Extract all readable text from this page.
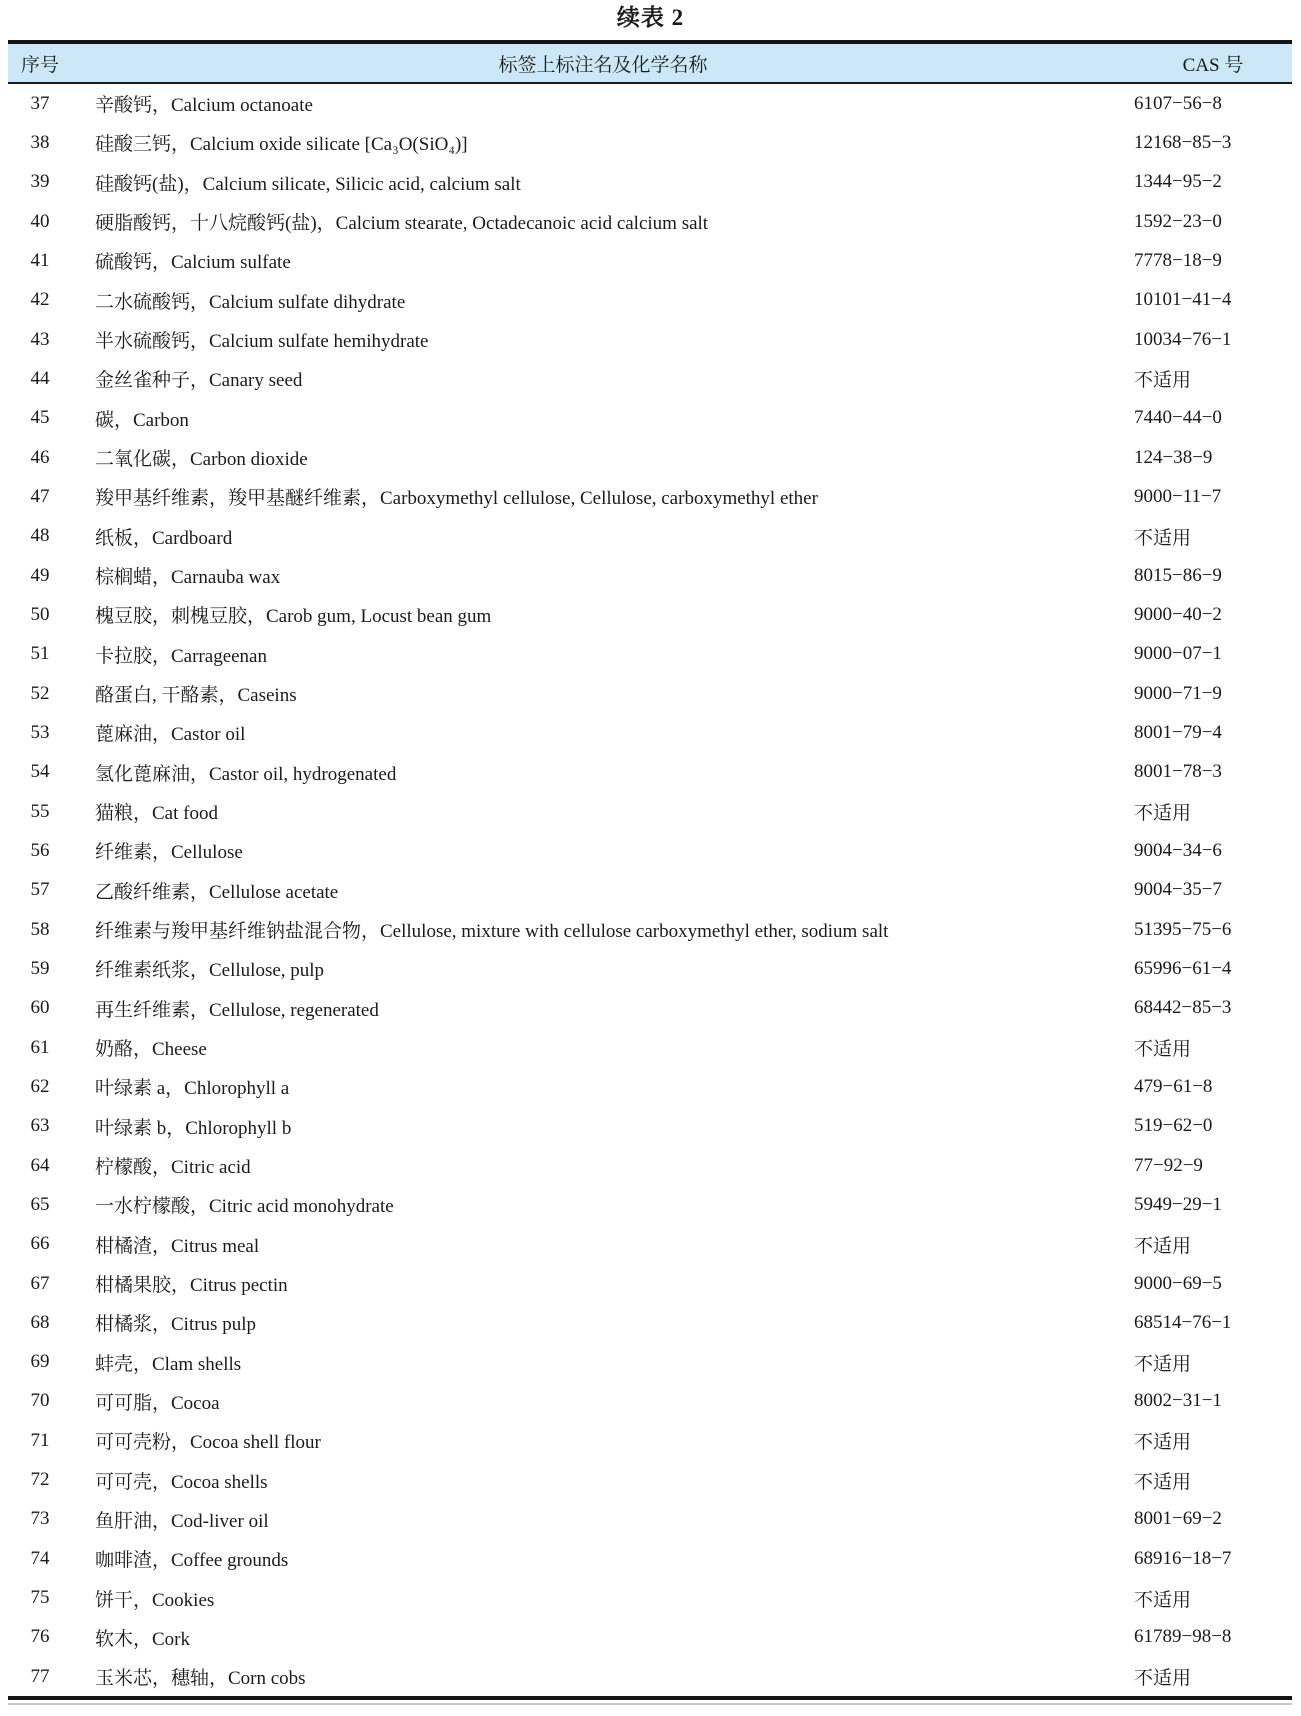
续表 2
序号	标签上标注名及化学名称	CAS 号
37	辛酸钙，Calcium octanoate	6107−56−8
38	硅酸三钙，Calcium oxide silicate [Ca₃O(SiO₄)]	12168−85−3
39	硅酸钙(盐)，Calcium silicate, Silicic acid, calcium salt	1344−95−2
40	硬脂酸钙，十八烷酸钙(盐)，Calcium stearate, Octadecanoic acid calcium salt	1592−23−0
41	硫酸钙，Calcium sulfate	7778−18−9
42	二水硫酸钙，Calcium sulfate dihydrate	10101−41−4
43	半水硫酸钙，Calcium sulfate hemihydrate	10034−76−1
44	金丝雀种子，Canary seed	不适用
45	碳，Carbon	7440−44−0
46	二氧化碳，Carbon dioxide	124−38−9
47	羧甲基纤维素，羧甲基醚纤维素，Carboxymethyl cellulose, Cellulose, carboxymethyl ether	9000−11−7
48	纸板，Cardboard	不适用
49	棕榈蜡，Carnauba wax	8015−86−9
50	槐豆胶，刺槐豆胶，Carob gum, Locust bean gum	9000−40−2
51	卡拉胶，Carrageenan	9000−07−1
52	酪蛋白, 干酪素，Caseins	9000−71−9
53	蓖麻油，Castor oil	8001−79−4
54	氢化蓖麻油，Castor oil, hydrogenated	8001−78−3
55	猫粮，Cat food	不适用
56	纤维素，Cellulose	9004−34−6
57	乙酸纤维素，Cellulose acetate	9004−35−7
58	纤维素与羧甲基纤维钠盐混合物，Cellulose, mixture with cellulose carboxymethyl ether, sodium salt	51395−75−6
59	纤维素纸浆，Cellulose, pulp	65996−61−4
60	再生纤维素，Cellulose, regenerated	68442−85−3
61	奶酪，Cheese	不适用
62	叶绿素 a，Chlorophyll a	479−61−8
63	叶绿素 b，Chlorophyll b	519−62−0
64	柠檬酸，Citric acid	77−92−9
65	一水柠檬酸，Citric acid monohydrate	5949−29−1
66	柑橘渣，Citrus meal	不适用
67	柑橘果胶，Citrus pectin	9000−69−5
68	柑橘浆，Citrus pulp	68514−76−1
69	蚌壳，Clam shells	不适用
70	可可脂，Cocoa	8002−31−1
71	可可壳粉，Cocoa shell flour	不适用
72	可可壳，Cocoa shells	不适用
73	鱼肝油，Cod-liver oil	8001−69−2
74	咖啡渣，Coffee grounds	68916−18−7
75	饼干，Cookies	不适用
76	软木，Cork	61789−98−8
77	玉米芯，穗轴，Corn cobs	不适用
